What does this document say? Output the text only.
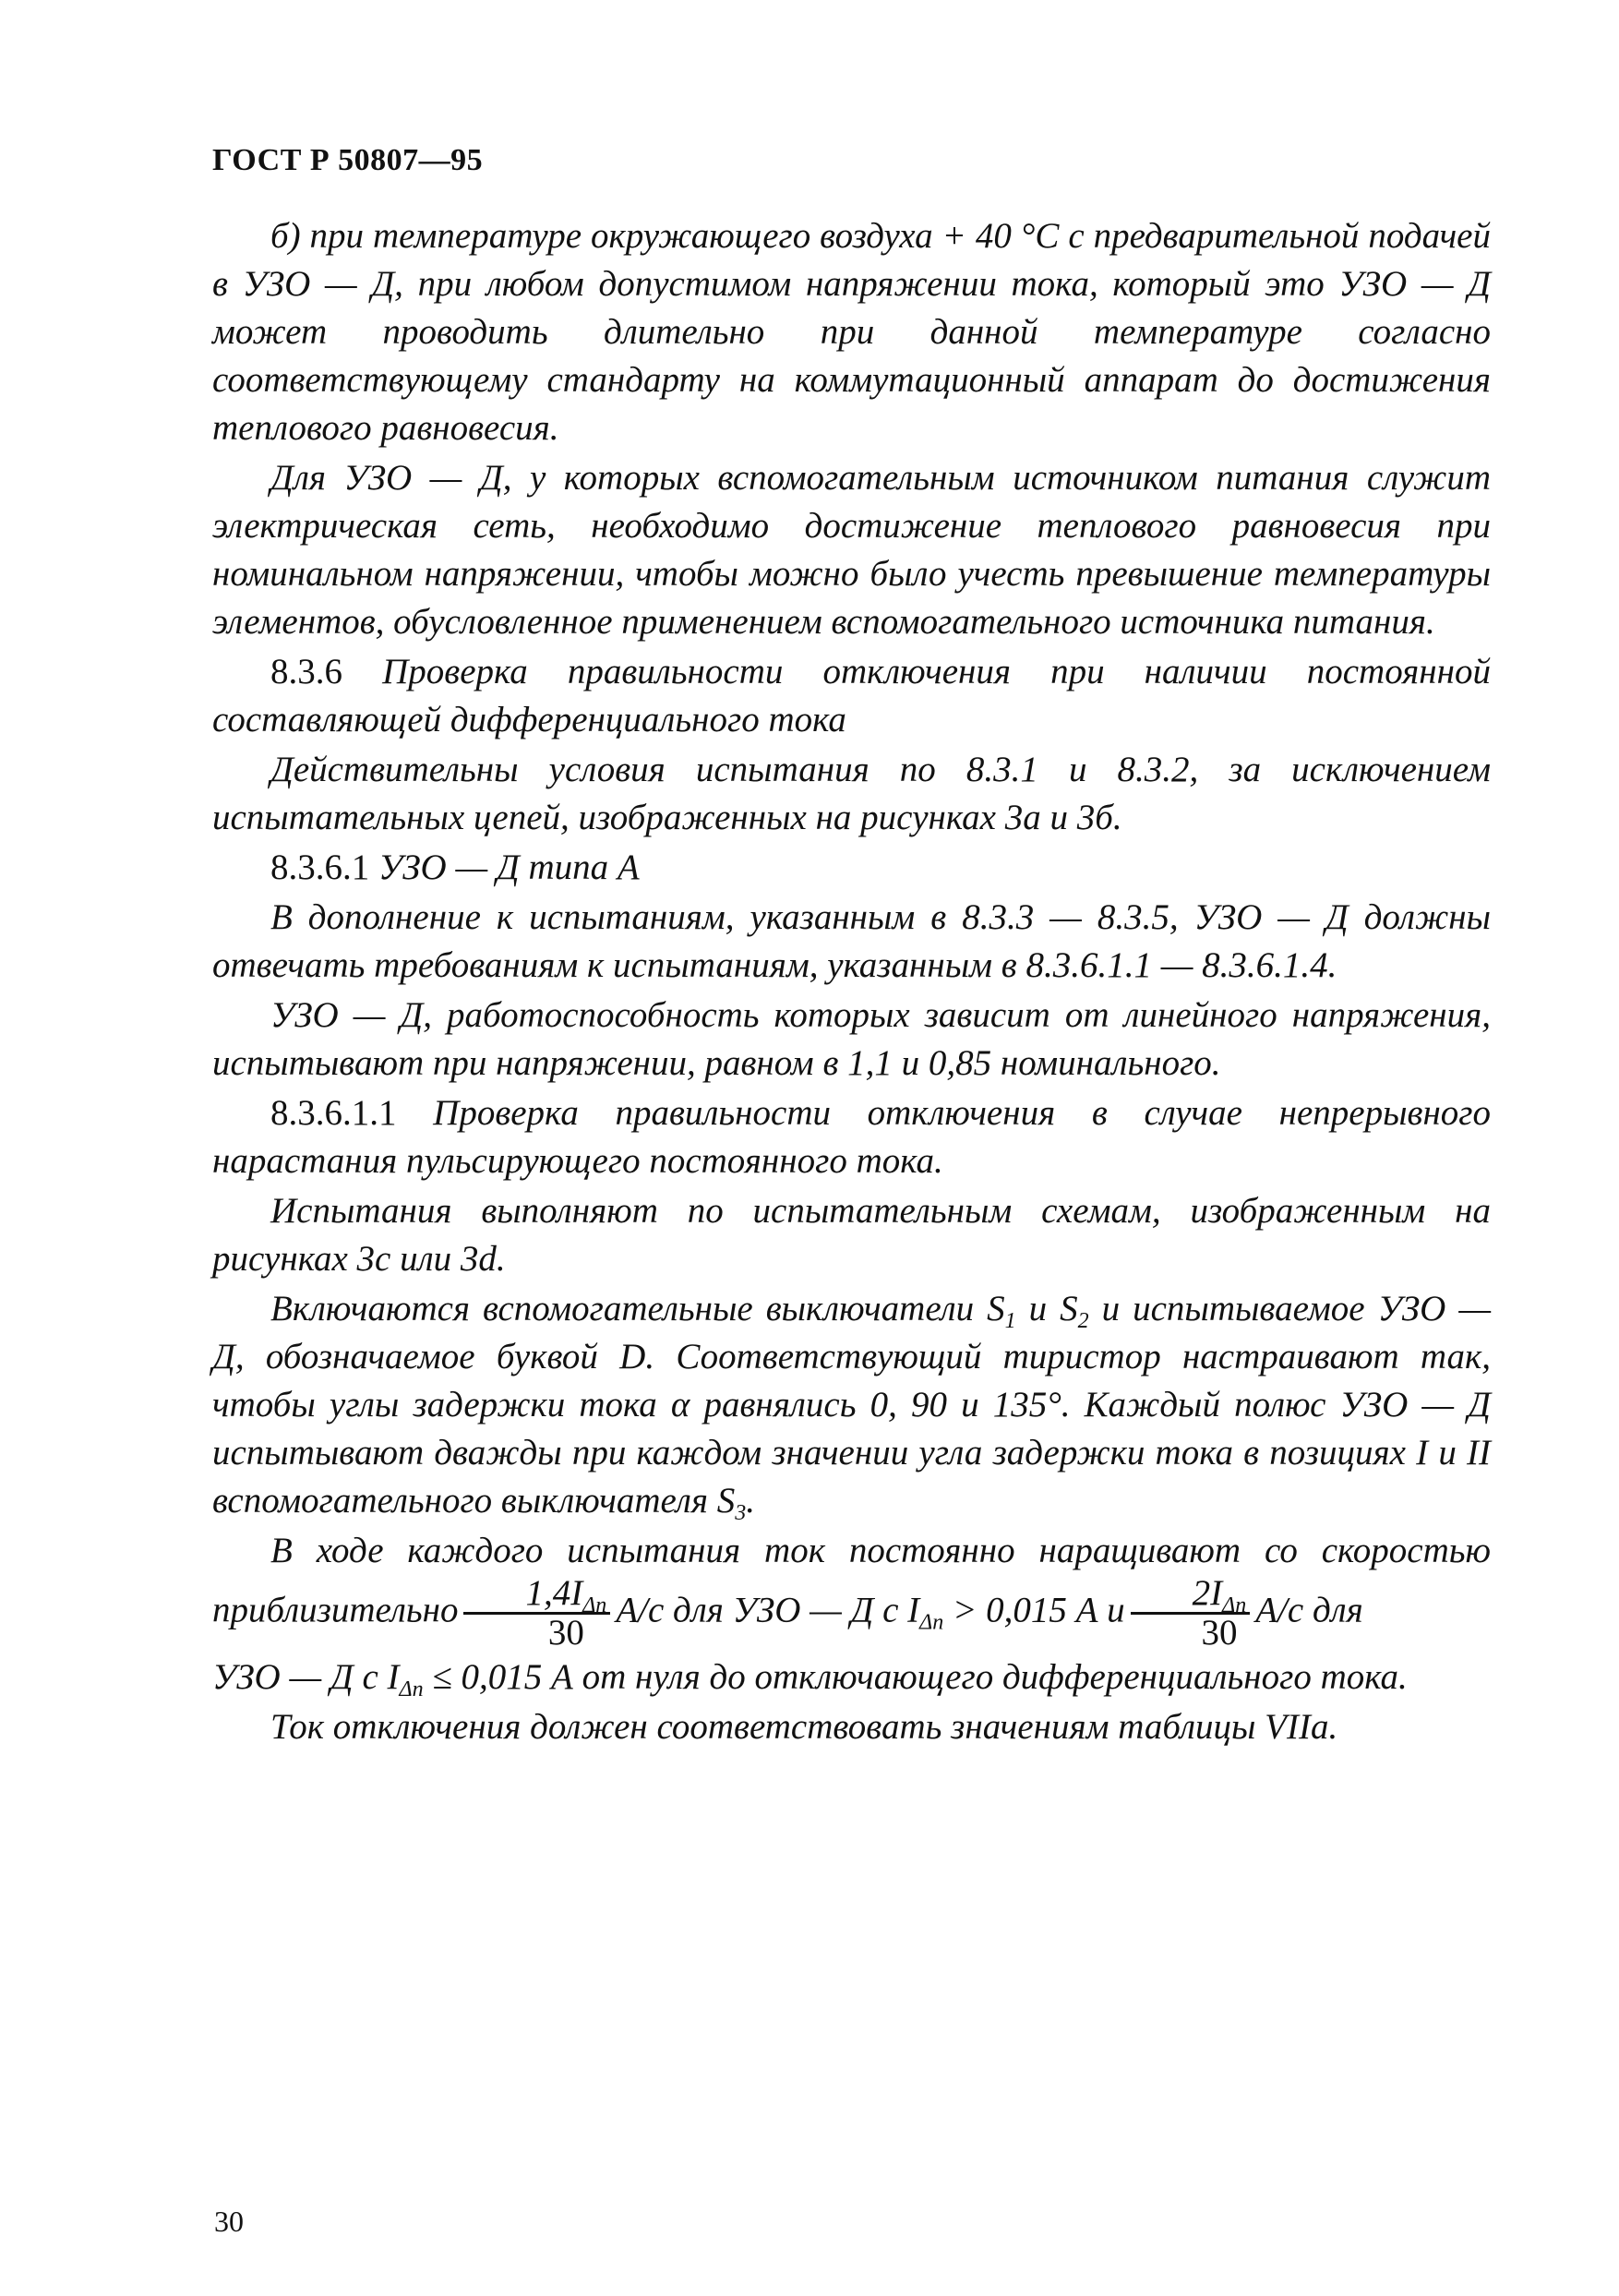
ГОСТ Р 50807—95

б) при температуре окружающего воздуха + 40 °С с предварительной подачей в УЗО — Д, при любом допустимом напряжении тока, который это УЗО — Д может проводить длительно при данной температуре согласно соответствующему стандарту на коммутационный аппарат до достижения теплового равновесия.

Для УЗО — Д, у которых вспомогательным источником питания служит электрическая сеть, необходимо достижение теплового равновесия при номинальном напряжении, чтобы можно было учесть превышение температуры элементов, обусловленное применением вспомогательного источника питания.

8.3.6 Проверка правильности отключения при наличии постоянной составляющей дифференциального тока

Действительны условия испытания по 8.3.1 и 8.3.2, за исключением испытательных цепей, изображенных на рисунках 3а и 3б.

8.3.6.1 УЗО — Д типа А

В дополнение к испытаниям, указанным в 8.3.3 — 8.3.5, УЗО — Д должны отвечать требованиям к испытаниям, указанным в 8.3.6.1.1 — 8.3.6.1.4.

УЗО — Д, работоспособность которых зависит от линейного напряжения, испытывают при напряжении, равном в 1,1 и 0,85 номинального.

8.3.6.1.1 Проверка правильности отключения в случае непрерывного нарастания пульсирующего постоянного тока.

Испытания выполняют по испытательным схемам, изображенным на рисунках 3с или 3d.

Включаются вспомогательные выключатели $S_1$ и $S_2$ и испытываемое УЗО — Д, обозначаемое буквой D. Соответствующий тиристор настраивают так, чтобы углы задержки тока α равнялись 0, 90 и 135°. Каждый полюс УЗО — Д испытывают дважды при каждом значении угла задержки тока в позициях I и II вспомогательного выключателя $S_3$.

В ходе каждого испытания ток постоянно наращивают со скоростью приблизительно $\frac{1,4I_{\Delta n}}{30} А/с$ для УЗО — Д с $I_{\Delta n} > 0,015$ А и $\frac{2I_{\Delta n}}{30} А/с$ для

УЗО — Д с $I_{\Delta n} \le 0,015$ А от нуля до отключающего дифференциального тока.

Ток отключения должен соответствовать значениям таблицы VIIа.

30
